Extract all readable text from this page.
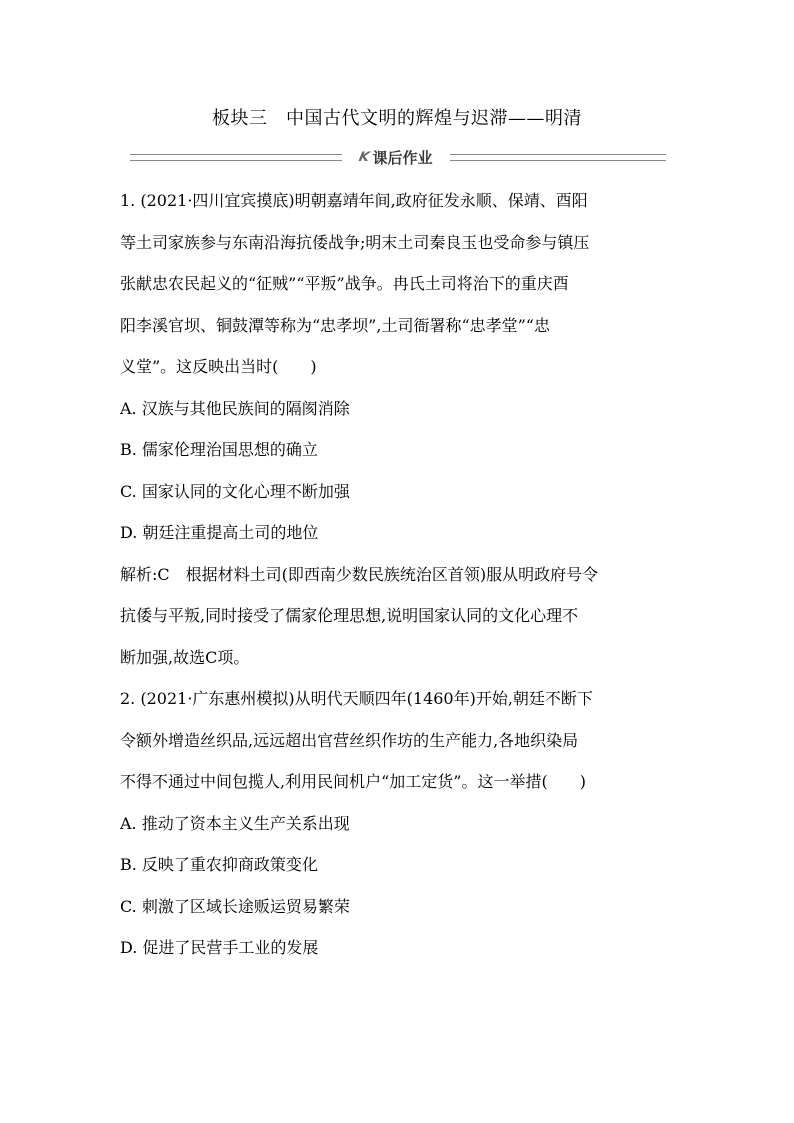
板块三　中国古代文明的辉煌与迟滞——明清
K 课后作业
1. (2021·四川宜宾摸底)明朝嘉靖年间,政府征发永顺、保靖、酉阳
等土司家族参与东南沿海抗倭战争;明末土司秦良玉也受命参与镇压
张献忠农民起义的“征贼”“平叛”战争。冉氏土司将治下的重庆酉
阳李溪官坝、铜鼓潭等称为“忠孝坝”,土司衙署称“忠孝堂”“忠
义堂”。这反映出当时(　　)
A. 汉族与其他民族间的隔阂消除
B. 儒家伦理治国思想的确立
C. 国家认同的文化心理不断加强
D. 朝廷注重提高土司的地位
解析:C　根据材料土司(即西南少数民族统治区首领)服从明政府号令
抗倭与平叛,同时接受了儒家伦理思想,说明国家认同的文化心理不
断加强,故选C项。
2. (2021·广东惠州模拟)从明代天顺四年(1460年)开始,朝廷不断下
令额外增造丝织品,远远超出官营丝织作坊的生产能力,各地织染局
不得不通过中间包揽人,利用民间机户“加工定货”。这一举措(　　)
A. 推动了资本主义生产关系出现
B. 反映了重农抑商政策变化
C. 刺激了区域长途贩运贸易繁荣
D. 促进了民营手工业的发展
